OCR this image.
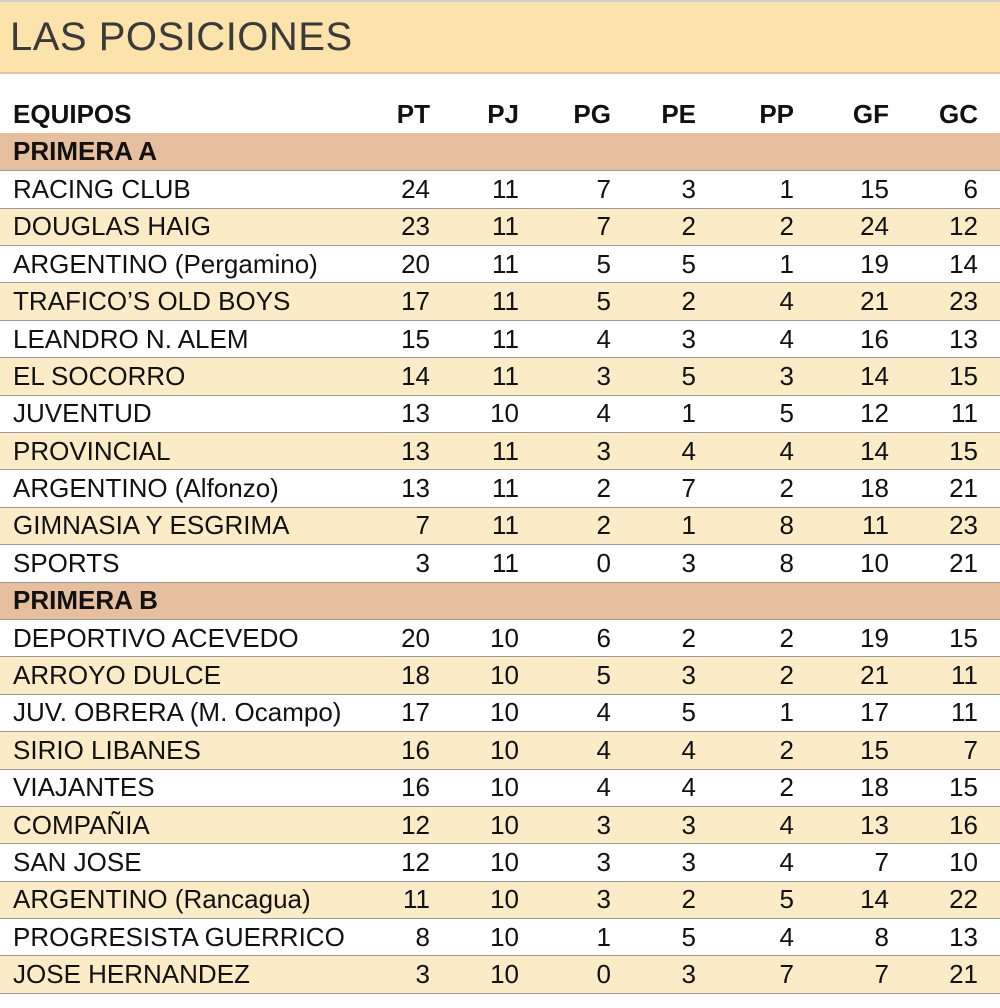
LAS POSICIONES
EQUIPOS	PT	PJ	PG	PE	PP	GF	GC
PRIMERA A							
RACING CLUB	24	11	7	3	1	15	6
DOUGLAS HAIG	23	11	7	2	2	24	12
ARGENTINO (Pergamino)	20	11	5	5	1	19	14
TRAFICO’S OLD BOYS	17	11	5	2	4	21	23
LEANDRO N. ALEM	15	11	4	3	4	16	13
EL SOCORRO	14	11	3	5	3	14	15
JUVENTUD	13	10	4	1	5	12	11
PROVINCIAL	13	11	3	4	4	14	15
ARGENTINO (Alfonzo)	13	11	2	7	2	18	21
GIMNASIA Y ESGRIMA	7	11	2	1	8	11	23
SPORTS	3	11	0	3	8	10	21
PRIMERA B							
DEPORTIVO ACEVEDO	20	10	6	2	2	19	15
ARROYO DULCE	18	10	5	3	2	21	11
JUV. OBRERA (M. Ocampo)	17	10	4	5	1	17	11
SIRIO LIBANES	16	10	4	4	2	15	7
VIAJANTES	16	10	4	4	2	18	15
COMPAÑIA	12	10	3	3	4	13	16
SAN JOSE	12	10	3	3	4	7	10
ARGENTINO (Rancagua)	11	10	3	2	5	14	22
PROGRESISTA GUERRICO	8	10	1	5	4	8	13
JOSE HERNANDEZ	3	10	0	3	7	7	21
